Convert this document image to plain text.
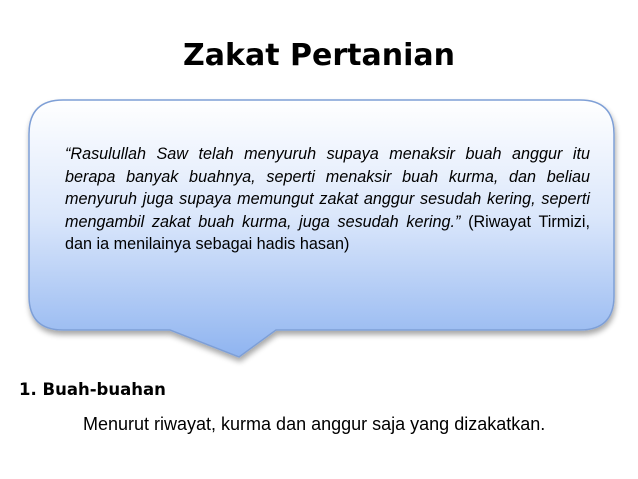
Zakat Pertanian
“Rasulullah Saw telah menyuruh supaya menaksir buah anggur itu berapa banyak buahnya, seperti menaksir buah kurma, dan beliau menyuruh juga supaya memungut zakat anggur sesudah kering, seperti mengambil zakat buah kurma, juga sesudah kering.” (Riwayat Tirmizi, dan ia menilainya sebagai hadis hasan)
1. Buah-buahan
Menurut riwayat, kurma dan anggur saja yang dizakatkan.
